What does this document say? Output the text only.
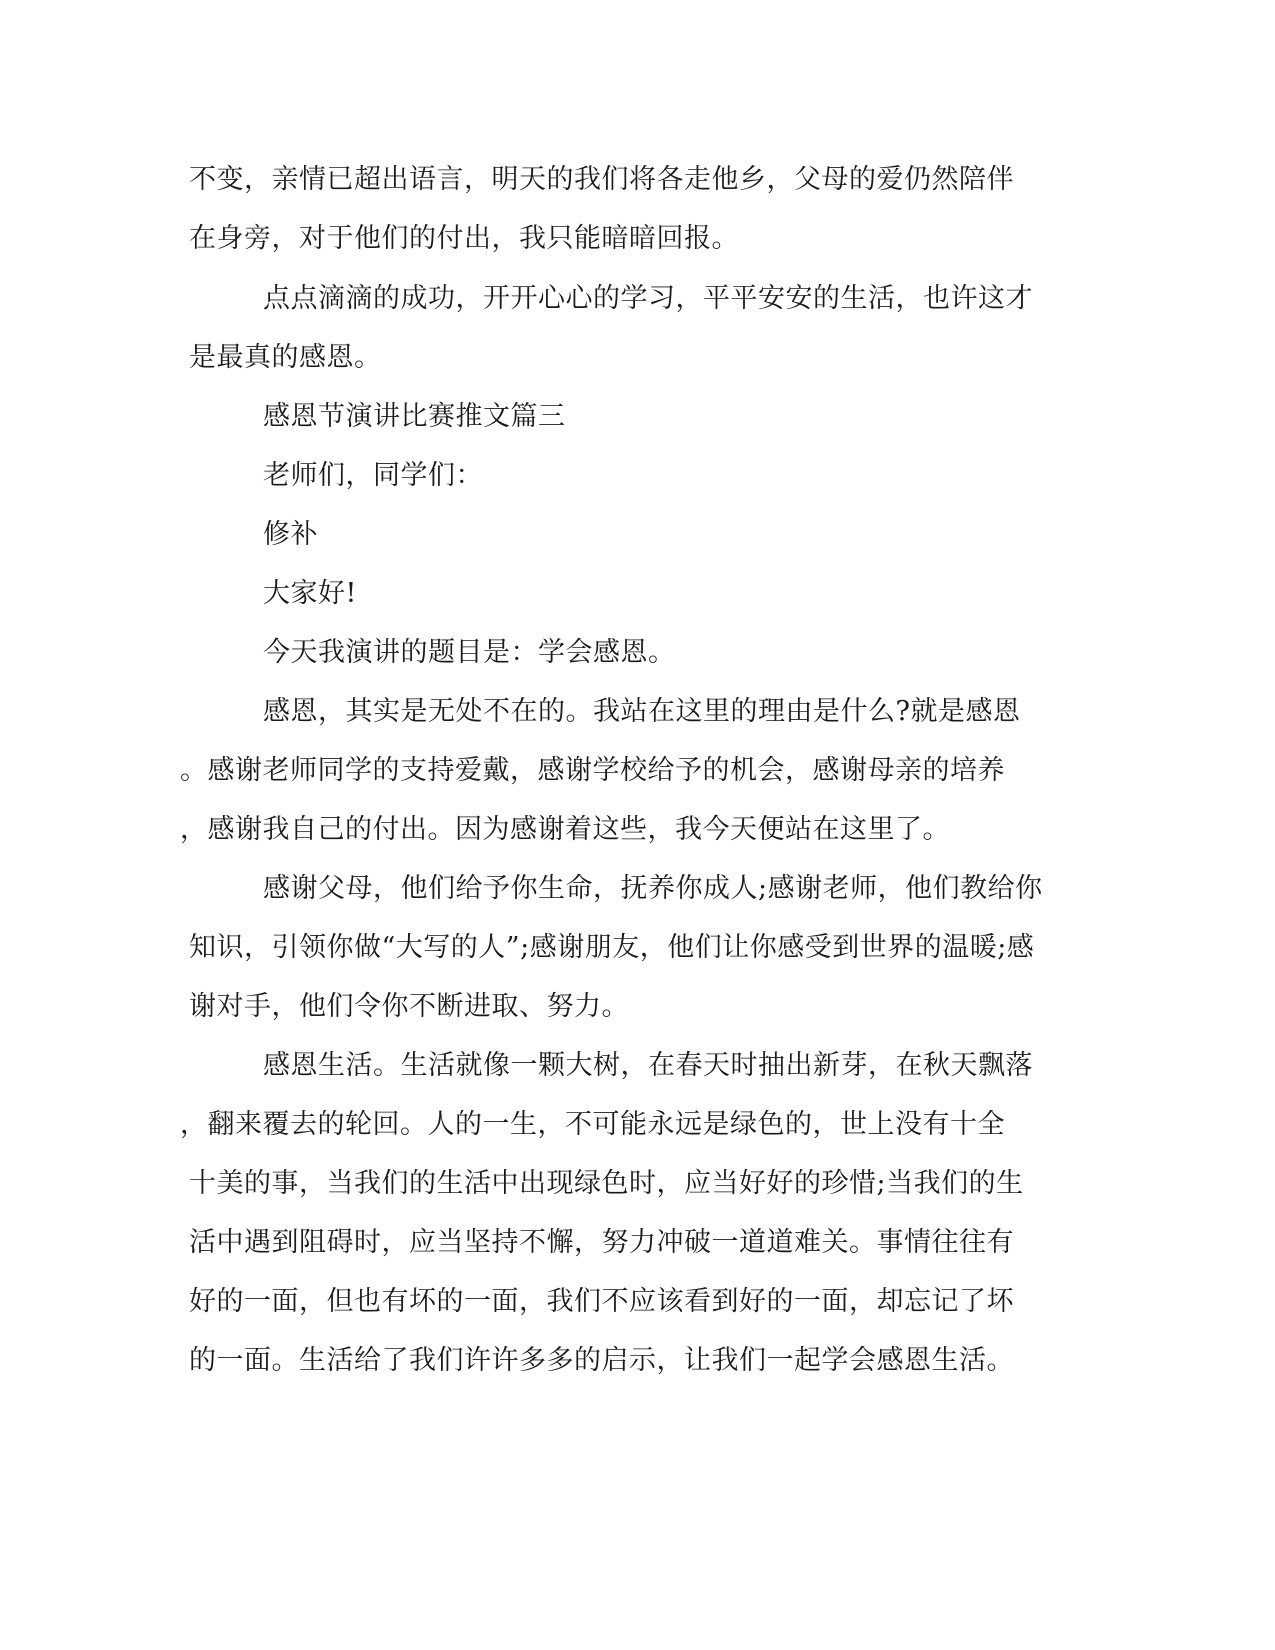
不变，亲情已超出语言，明天的我们将各走他乡，父母的爱仍然陪伴
在身旁，对于他们的付出，我只能暗暗回报。
点点滴滴的成功，开开心心的学习，平平安安的生活，也许这才
是最真的感恩。
感恩节演讲比赛推文篇三
老师们，同学们：
修补
大家好!
今天我演讲的题目是：学会感恩。
感恩，其实是无处不在的。我站在这里的理由是什么?就是感恩
。感谢老师同学的支持爱戴，感谢学校给予的机会，感谢母亲的培养
，感谢我自己的付出。因为感谢着这些，我今天便站在这里了。
感谢父母，他们给予你生命，抚养你成人;感谢老师，他们教给你
知识，引领你做“大写的人”;感谢朋友，他们让你感受到世界的温暖;感
谢对手，他们令你不断进取、努力。
感恩生活。生活就像一颗大树，在春天时抽出新芽，在秋天飘落
，翻来覆去的轮回。人的一生，不可能永远是绿色的，世上没有十全
十美的事，当我们的生活中出现绿色时，应当好好的珍惜;当我们的生
活中遇到阻碍时，应当坚持不懈，努力冲破一道道难关。事情往往有
好的一面，但也有坏的一面，我们不应该看到好的一面，却忘记了坏
的一面。生活给了我们许许多多的启示，让我们一起学会感恩生活。
